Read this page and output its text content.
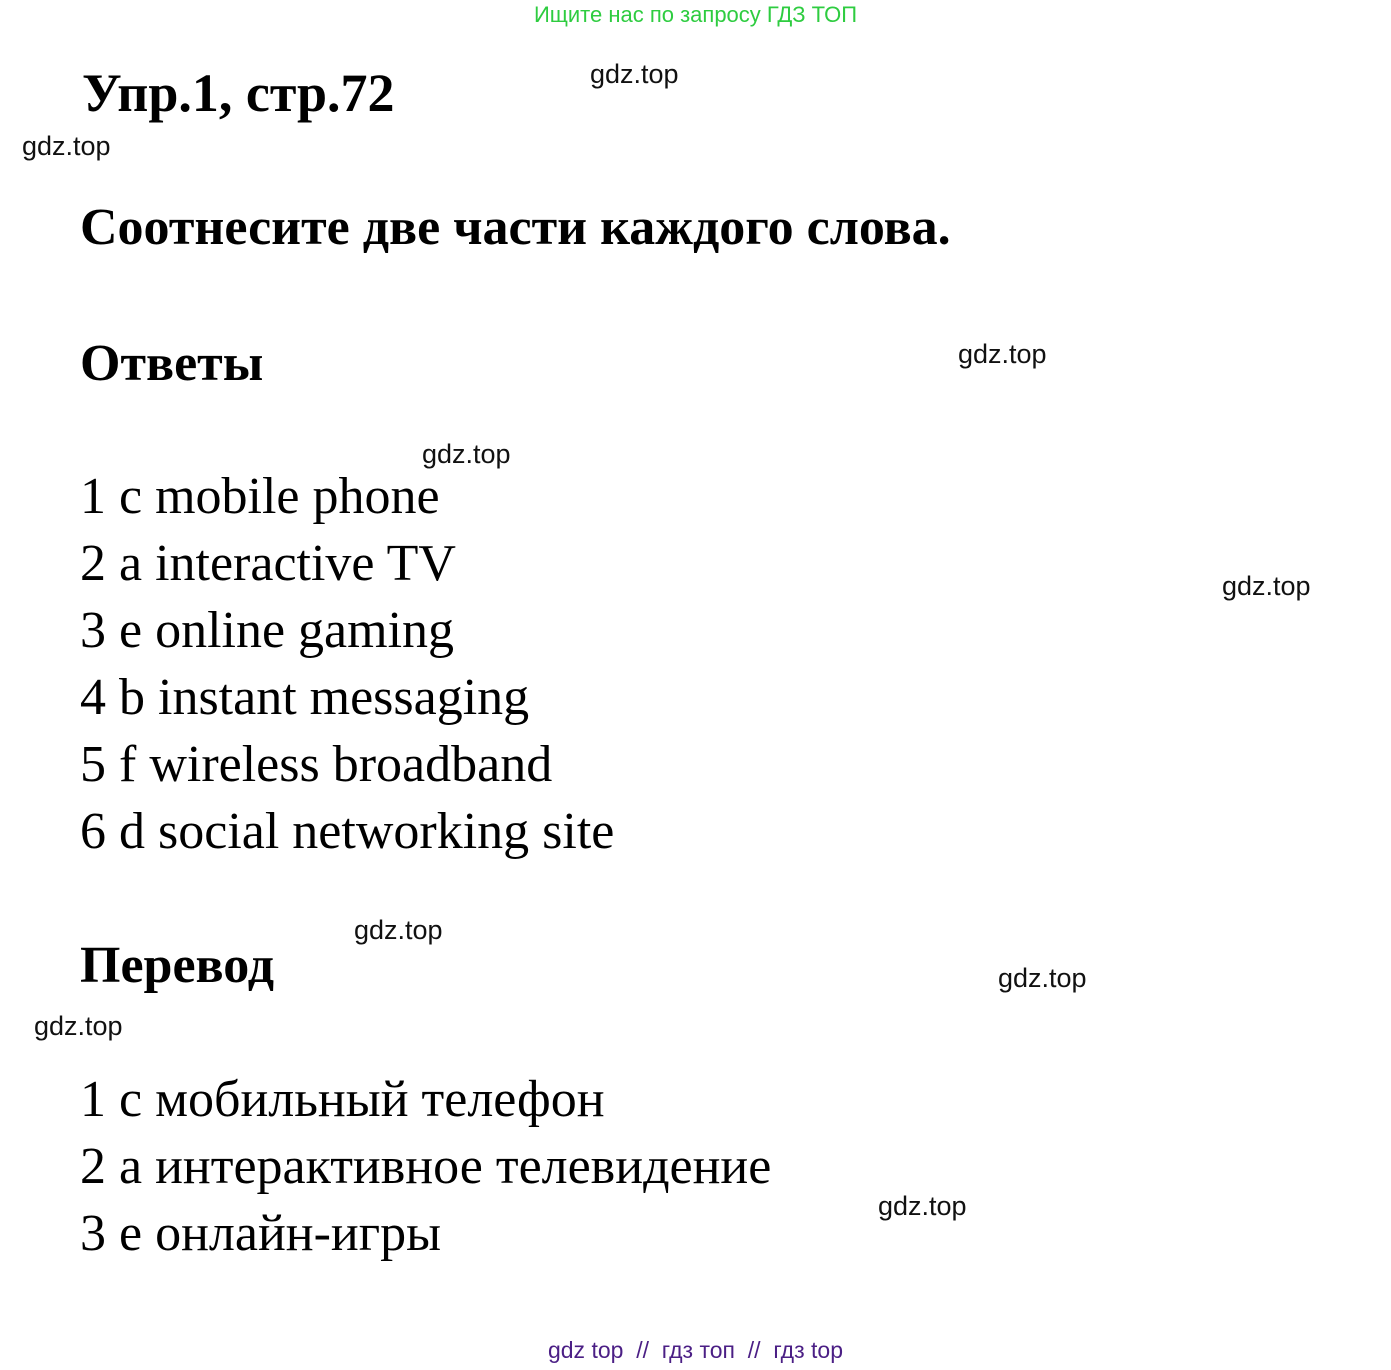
Ищите нас по запросу ГДЗ ТОП
Упр.1, стр.72
Соотнесите две части каждого слова.
Ответы
1 c mobile phone
2 a interactive TV
3 e online gaming
4 b instant messaging
5 f wireless broadband
6 d social networking site
Перевод
1 с мобильный телефон
2 а интерактивное телевидение
3 е онлайн-игры
gdz.top
gdz.top
gdz.top
gdz.top
gdz.top
gdz.top
gdz.top
gdz.top
gdz.top
gdz top  //  гдз топ  //  гдз top
